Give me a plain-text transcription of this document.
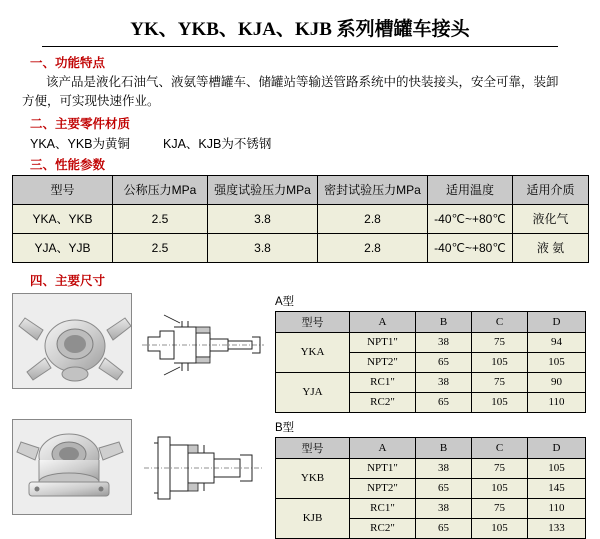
YK、YKB、KJA、KJB 系列槽罐车接头
一、功能特点
该产品是液化石油气、液氨等槽罐车、储罐站等输送管路系统中的快装接头，安全可靠，装卸
方便，可实现快速作业。
二、主要零件材质
YKA、YKB为黄铜	KJA、KJB为不锈钢
三、性能参数
型号	公称压力MPa	强度试验压力MPa	密封试验压力MPa	适用温度	适用介质
YKA、YKB	2.5	3.8	2.8	-40℃~+80℃	液化气
YJA、YJB	2.5	3.8	2.8	-40℃~+80℃	液 氨
四、主要尺寸
A型
型号	A	B	C	D
YKA	NPT1"	38	75	94
	NPT2"	65	105	105
YJA	RC1"	38	75	90
	RC2"	65	105	110
B型
型号	A	B	C	D
YKB	NPT1"	38	75	105
	NPT2"	65	105	145
KJB	RC1"	38	75	110
	RC2"	65	105	133
